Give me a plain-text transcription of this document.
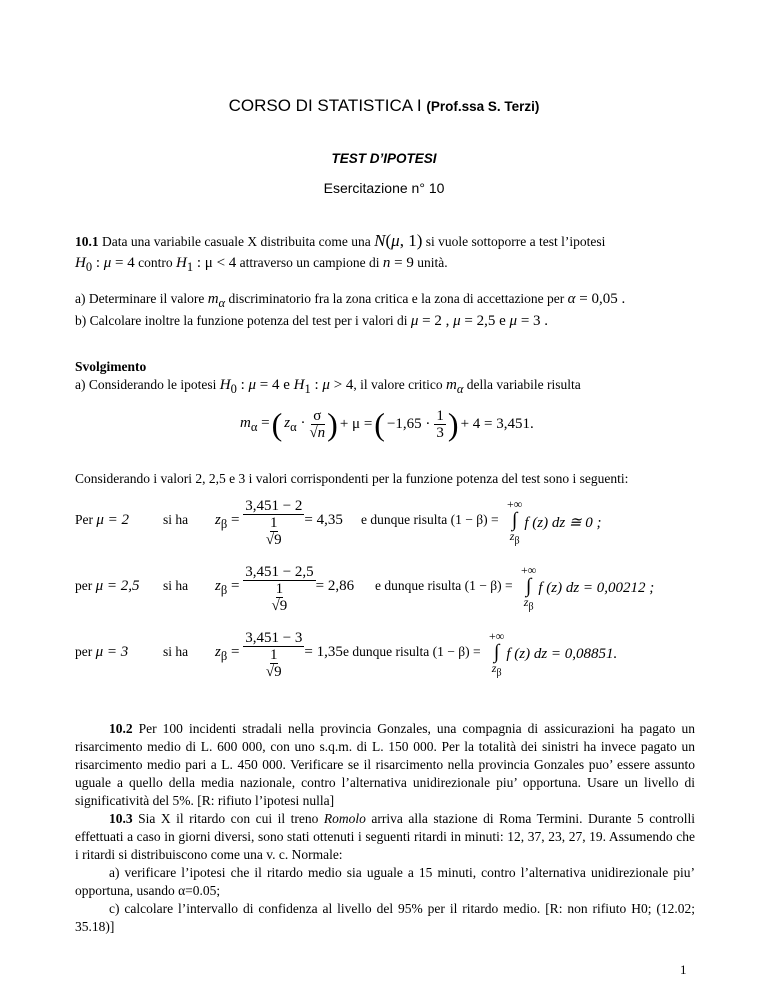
CORSO DI STATISTICA I (Prof.ssa S. Terzi)
TEST D’IPOTESI
Esercitazione n° 10
10.1 Data una variabile casuale X distribuita come una N(μ, 1) si vuole sottoporre a test l’ipotesi
$H_0$ : μ = 4 contro $H_1$ : μ < 4 attraverso un campione di n = 9 unità.
a) Determinare il valore $m_\alpha$ discriminatorio fra la zona critica e la zona di accettazione per α = 0,05 .
b) Calcolare inoltre la funzione potenza del test per i valori di μ = 2 , μ = 2,5 e μ = 3 .
Svolgimento
a) Considerando le ipotesi $H_0$ : μ = 4 e $H_1$ : μ > 4, il valore critico $m_\alpha$ della variabile risulta
$m_\alpha$ = ( $z_\alpha \cdot \frac{\sigma}{√n}$ ) + μ = ( $-1,65 \cdot \frac{1}{3}$ ) + 4 = 3,451.
Considerando i valori 2, 2,5 e 3 i valori corrispondenti per la funzione potenza del test sono i seguenti:
Per μ = 2	si ha $z_\beta$ =
3,451 − 2
1
√9
= 4,35 e dunque risulta (1 − β) =
+∞
∫
$z_\beta$
f (z) dz ≅ 0 ;
per μ = 2,5 si ha $z_\beta$ =
3,451 − 2,5
1
√9
= 2,86 e dunque risulta (1 − β) =
+∞
∫
$z_\beta$
f (z) dz = 0,00212 ;
per μ = 3	si ha $z_\beta$ =
3,451 − 3
1
√9
= 1,35 e dunque risulta (1 − β) =
+∞
∫
$z_\beta$
f (z) dz = 0,08851.
10.2 Per 100 incidenti stradali nella provincia Gonzales, una compagnia di assicurazioni ha pagato un risarcimento medio di L. 600 000, con uno s.q.m. di L. 150 000. Per la totalità dei sinistri ha invece pagato un risarcimento medio pari a L. 450 000. Verificare se il risarcimento nella provincia Gonzales puo’ essere assunto uguale a quello della media nazionale, contro l’alternativa unidirezionale piu’ opportuna. Usare un livello di significatività del 5%. [R: rifiuto l’ipotesi nulla]
10.3 Sia X il ritardo con cui il treno Romolo arriva alla stazione di Roma Termini. Durante 5 controlli effettuati a caso in giorni diversi, sono stati ottenuti i seguenti ritardi in minuti: 12, 37, 23, 27, 19. Assumendo che i ritardi si distribuiscono come una v. c. Normale:
a) verificare l’ipotesi che il ritardo medio sia uguale a 15 minuti, contro l’alternativa unidirezionale piu’ opportuna, usando α=0.05;
c) calcolare l’intervallo di confidenza al livello del 95% per il ritardo medio. [R: non rifiuto H0; (12.02; 35.18)]
1
